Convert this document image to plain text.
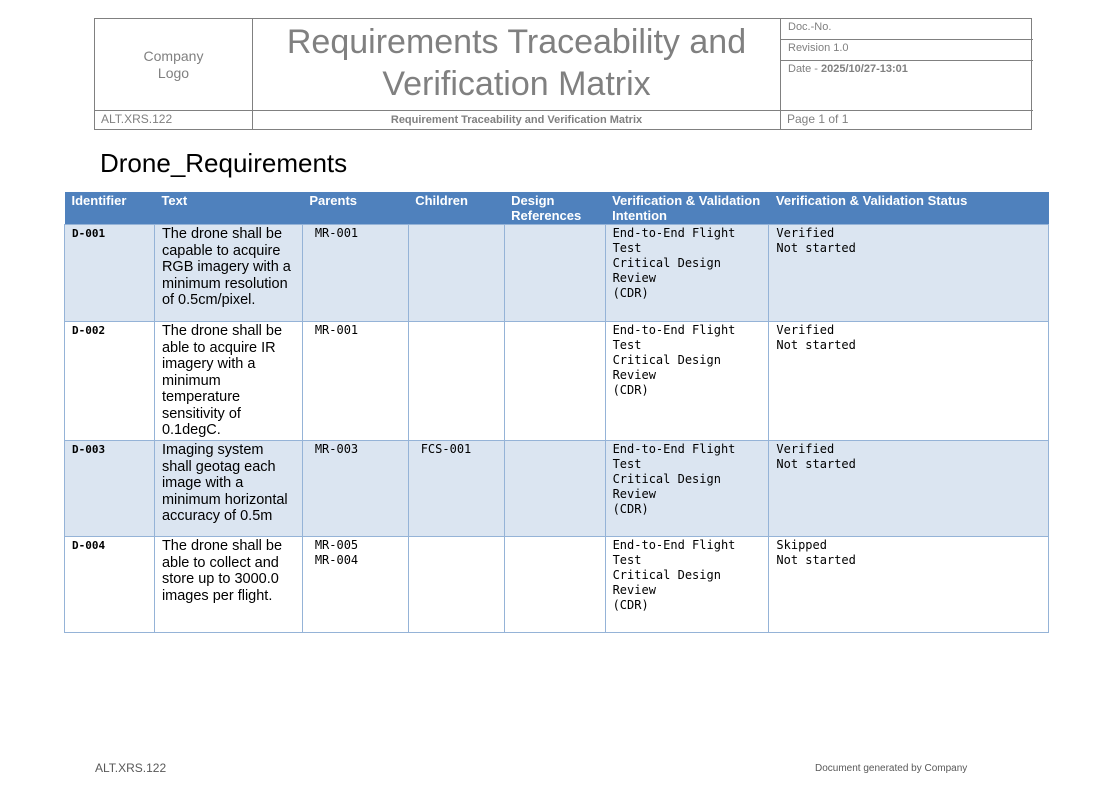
Company Logo
Requirements Traceability and Verification Matrix
Doc.-No.
Revision 1.0
Date - 2025/10/27-13:01
ALT.XRS.122	Requirement Traceability and Verification Matrix	Page 1 of 1
Drone_Requirements
Identifier	Text	Parents	Children	Design References	Verification & Validation Intention	Verification & Validation Status
D-001	The drone shall be capable to acquire RGB imagery with a minimum resolution of 0.5cm/pixel.	MR-001			End-to-End Flight Test
Critical Design Review
(CDR)	Verified
Not started
D-002	The drone shall be able to acquire IR imagery with a minimum temperature sensitivity of 0.1degC.	MR-001			End-to-End Flight Test
Critical Design Review
(CDR)	Verified
Not started
D-003	Imaging system shall geotag each image with a minimum horizontal accuracy of 0.5m	MR-003	FCS-001		End-to-End Flight Test
Critical Design Review
(CDR)	Verified
Not started
D-004	The drone shall be able to collect and store up to 3000.0 images per flight.	MR-005
MR-004			End-to-End Flight Test
Critical Design Review
(CDR)	Skipped
Not started
ALT.XRS.122	Document generated by Company
